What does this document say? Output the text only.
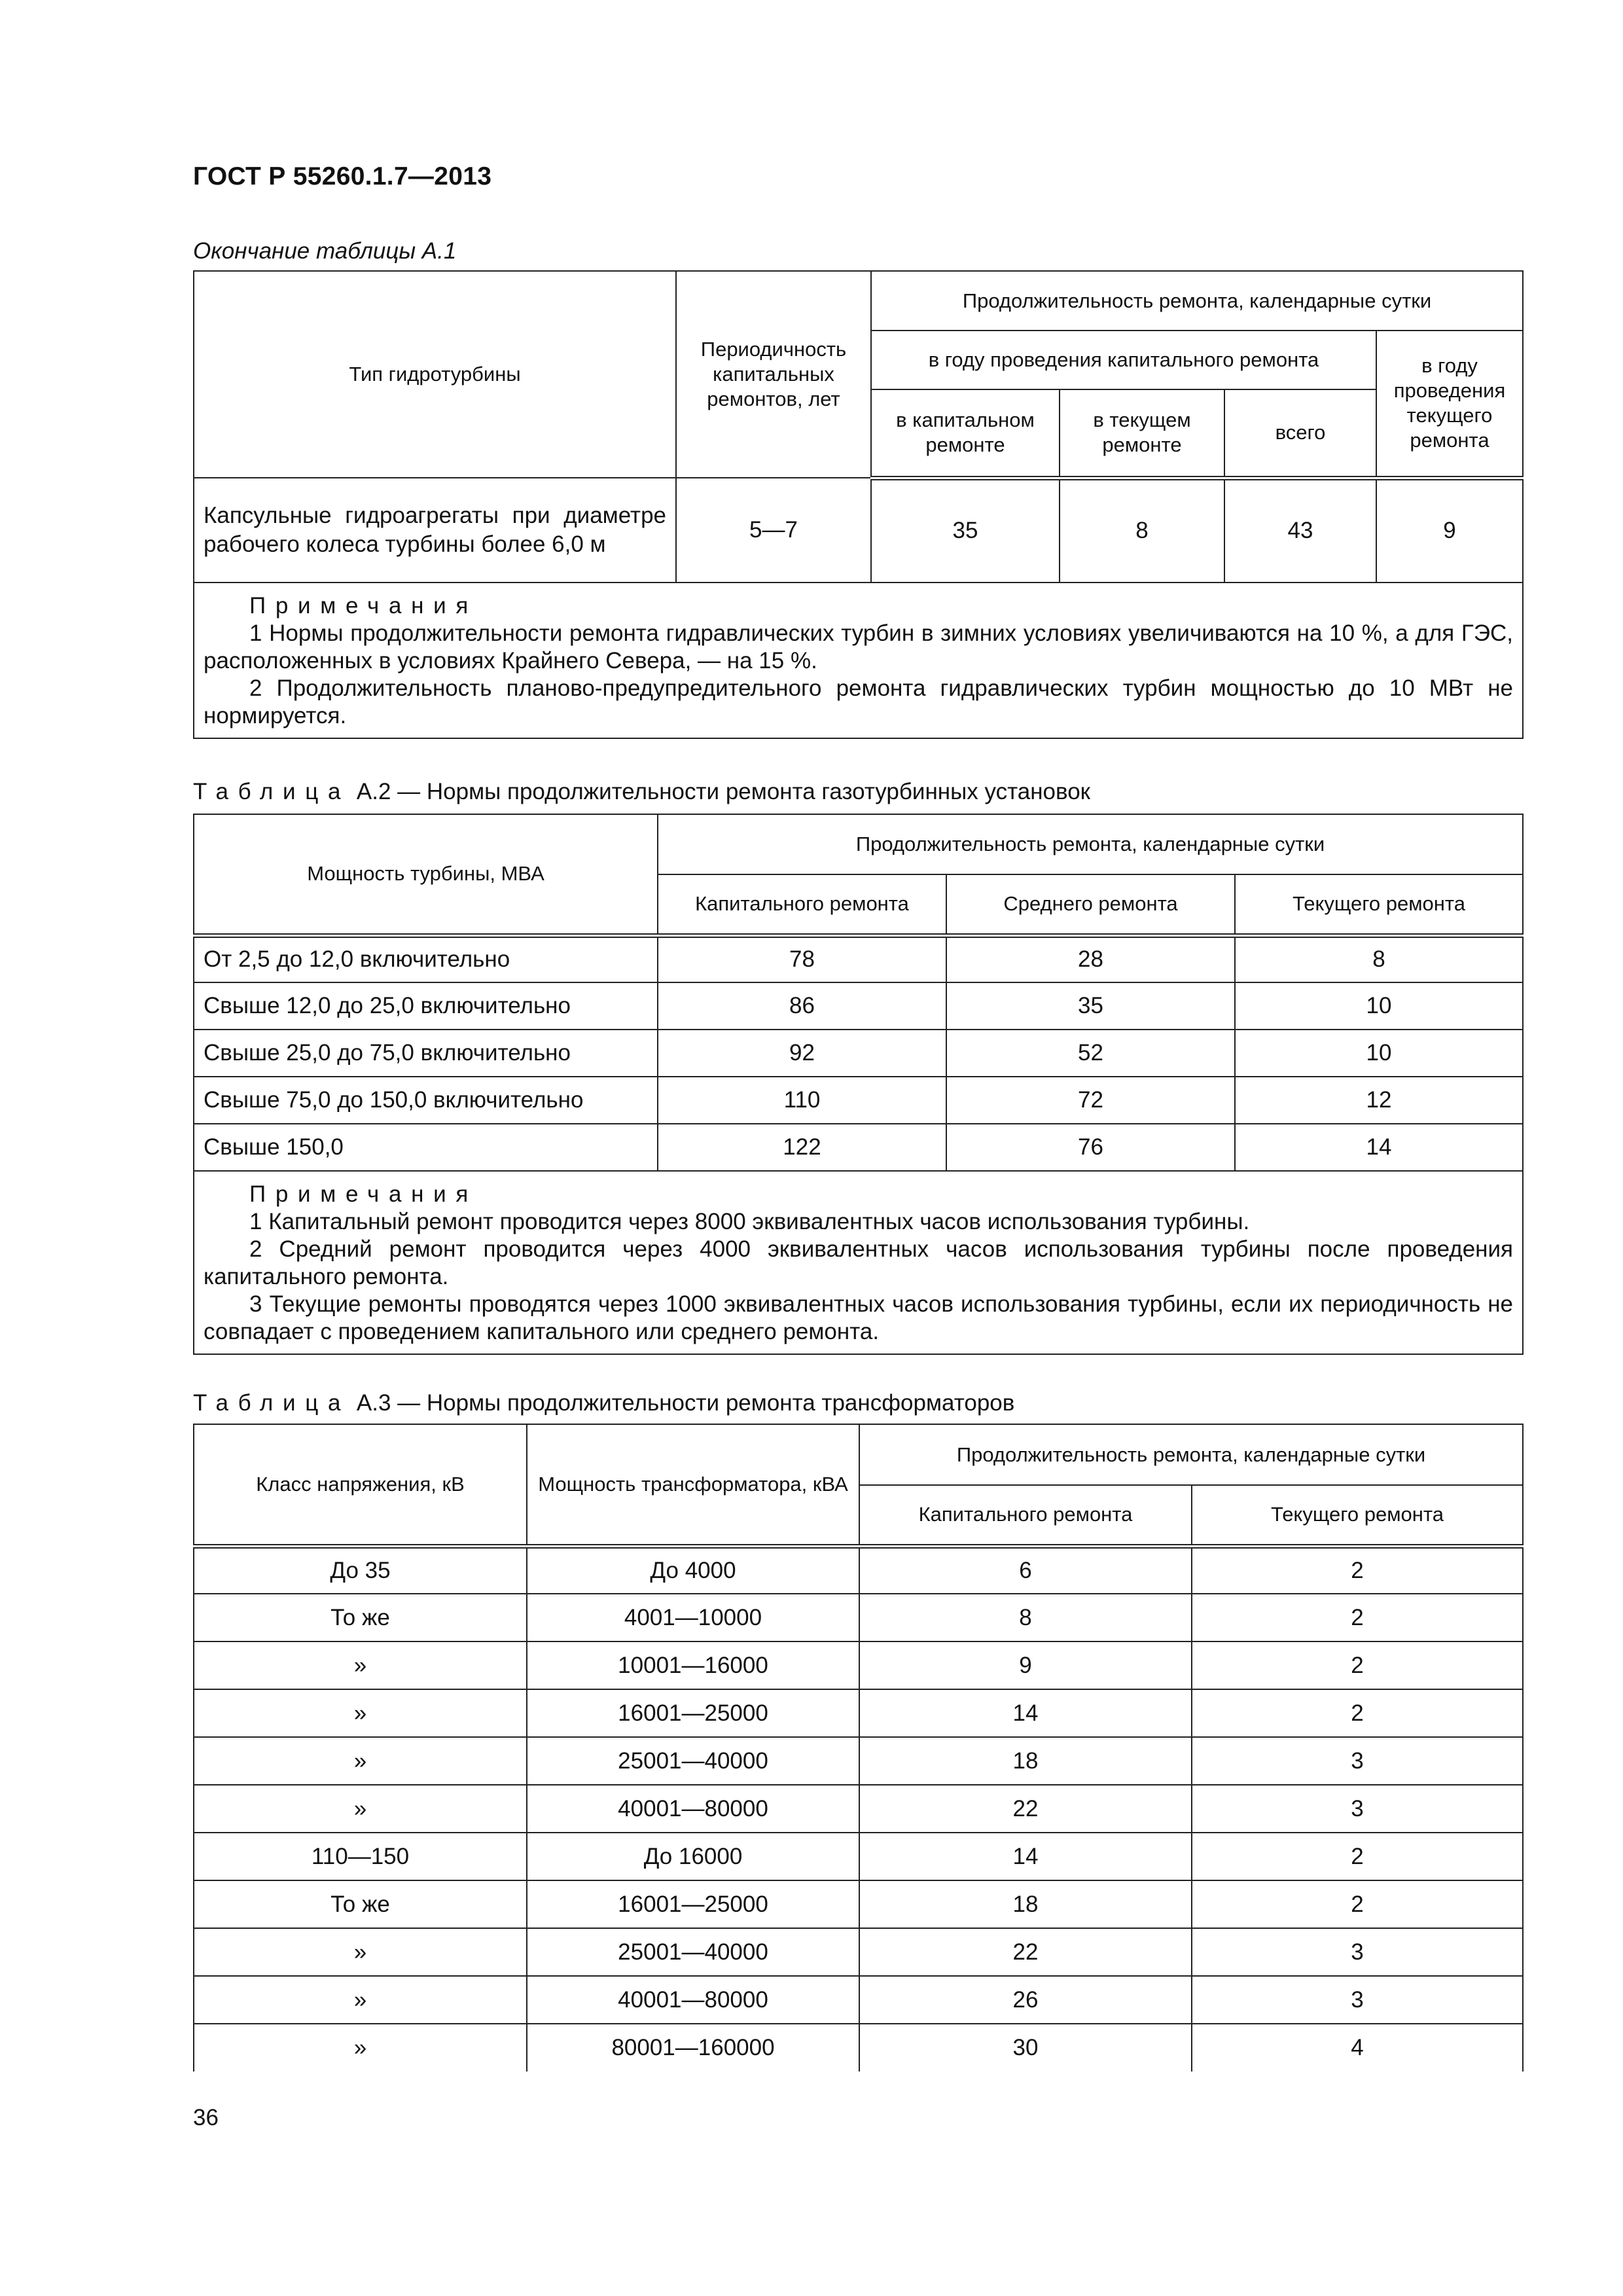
ГОСТ Р 55260.1.7—2013
Окончание таблицы А.1
Тип гидротурбины	Периодичность капитальных ремонтов, лет	Продолжительность ремонта, календарные сутки			
		в году проведения капитального ремонта			в году проведения текущего ремонта
		в капитальном ремонте	в текущем ремонте	всего	
Капсульные гидроагрегаты при диаметре рабочего колеса турбины более 6,0 м	5—7	35	8	43	9

Примечания

1 Нормы продолжительности ремонта гидравлических турбин в зимних условиях увеличиваются на 10 %, а для ГЭС, расположенных в условиях Крайнего Севера, — на 15 %.

2 Продолжительность планово-предупредительного ремонта гидравлических турбин мощностью до 10 МВт не нормируется.					

Таблица А.2 — Нормы продолжительности ремонта газотурбинных установок
Мощность турбины, МВА	Продолжительность ремонта, календарные сутки		
	Капитального ремонта	Среднего ремонта	Текущего ремонта
От 2,5 до 12,0 включительно	78	28	8
Свыше 12,0 до 25,0 включительно	86	35	10
Свыше 25,0 до 75,0 включительно	92	52	10
Свыше 75,0 до 150,0 включительно	110	72	12
Свыше 150,0	122	76	14

Примечания

1 Капитальный ремонт проводится через 8000 эквивалентных часов использования турбины.

2 Средний ремонт проводится через 4000 эквивалентных часов использования турбины после проведения капитального ремонта.

3 Текущие ремонты проводятся через 1000 эквивалентных часов использования турбины, если их периодичность не совпадает с проведением капитального или среднего ремонта.			

Таблица А.3 — Нормы продолжительности ремонта трансформаторов
Класс напряжения, кВ	Мощность трансформатора, кВА	Продолжительность ремонта, календарные сутки	
		Капитального ремонта	Текущего ремонта
До 35	До 4000	6	2
То же	4001—10000	8	2
»	10001—16000	9	2
»	16001—25000	14	2
»	25001—40000	18	3
»	40001—80000	22	3
110—150	До 16000	14	2
То же	16001—25000	18	2
»	25001—40000	22	3
»	40001—80000	26	3
»	80001—160000	30	4
36
